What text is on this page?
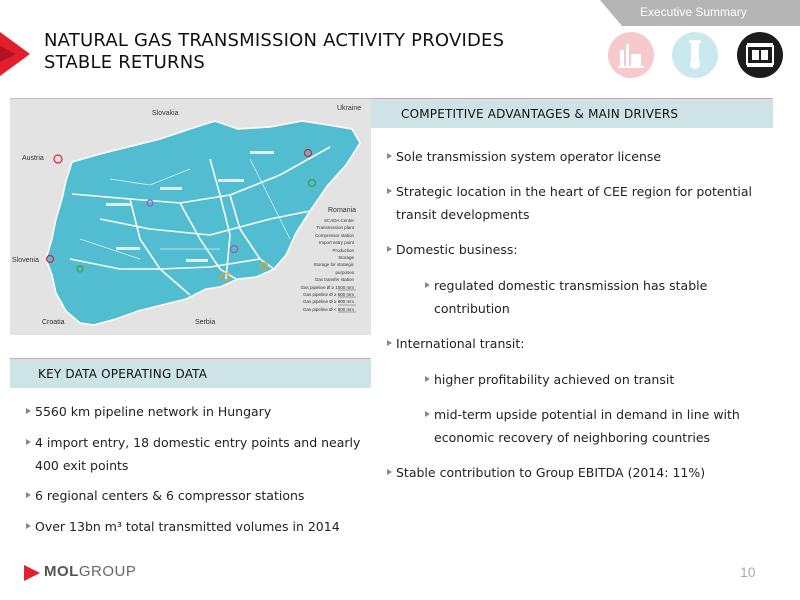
Executive Summary
NATURAL GAS TRANSMISSION ACTIVITY PROVIDES
STABLE RETURNS
Slovakia
Ukraine
Austria
Romania
Slovenia
Croatia	Serbia
SCADA Center
Transmission plant
Compressor station
Import entry point
Production
Storage
Storage for strategic purposes
Gas transfer station
Gas pipeline Ø ≥ 1000 mm
Gas pipeline Ø ≥ 600 mm
Gas pipeline Ø ≥ 800 mm
Gas pipeline Ø < 800 mm
COMPETITIVE ADVANTAGES & MAIN DRIVERS
Sole transmission system operator license
Strategic location in the heart of CEE region for potential
transit developments
Domestic business:
regulated domestic transmission has stable
contribution
International transit:
higher profitability achieved on transit
mid-term upside potential in demand in line with
economic recovery of neighboring countries
Stable contribution to Group EBITDA (2014: 11%)
KEY DATA OPERATING DATA
5560 km pipeline network in Hungary
4 import entry, 18 domestic entry points and nearly
400 exit points
6 regional centers & 6 compressor stations
Over 13bn m³ total transmitted volumes in 2014
MOLGROUP	10
